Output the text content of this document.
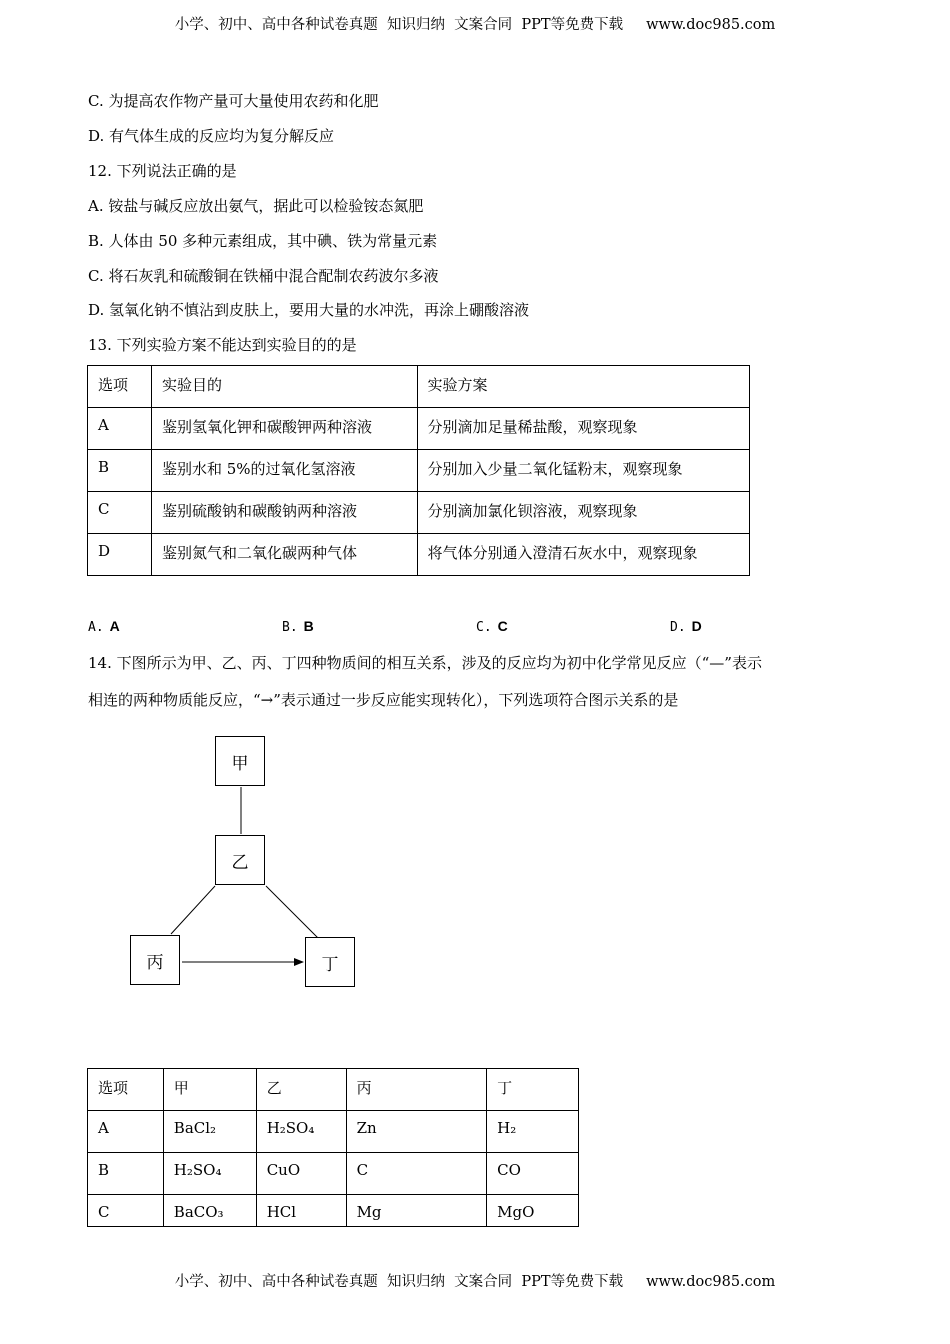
小学、初中、高中各种试卷真题  知识归纳  文案合同  PPT等免费下载     www.doc985.com
C. 为提高农作物产量可大量使用农药和化肥
D. 有气体生成的反应均为复分解反应
12. 下列说法正确的是
A. 铵盐与碱反应放出氨气，据此可以检验铵态氮肥
B. 人体由 50 多种元素组成，其中碘、铁为常量元素
C. 将石灰乳和硫酸铜在铁桶中混合配制农药波尔多液
D. 氢氧化钠不慎沾到皮肤上，要用大量的水冲洗，再涂上硼酸溶液
13. 下列实验方案不能达到实验目的的是
选项	实验目的	实验方案
A	鉴别氢氧化钾和碳酸钾两种溶液	分别滴加足量稀盐酸，观察现象
B	鉴别水和 5%的过氧化氢溶液	分别加入少量二氧化锰粉末，观察现象
C	鉴别硫酸钠和碳酸钠两种溶液	分别滴加氯化钡溶液，观察现象
D	鉴别氮气和二氧化碳两种气体	将气体分别通入澄清石灰水中，观察现象
A. A	B. B	C. C	D. D
14. 下图所示为甲、乙、丙、丁四种物质间的相互关系，涉及的反应均为初中化学常见反应（“—”表示
相连的两种物质能反应，“→”表示通过一步反应能实现转化），下列选项符合图示关系的是
甲
乙
丙	丁
选项	甲	乙	丙	丁
A	BaCl₂	H₂SO₄	Zn	H₂
B	H₂SO₄	CuO	C	CO
C	BaCO₃	HCl	Mg	MgO
小学、初中、高中各种试卷真题  知识归纳  文案合同  PPT等免费下载     www.doc985.com
